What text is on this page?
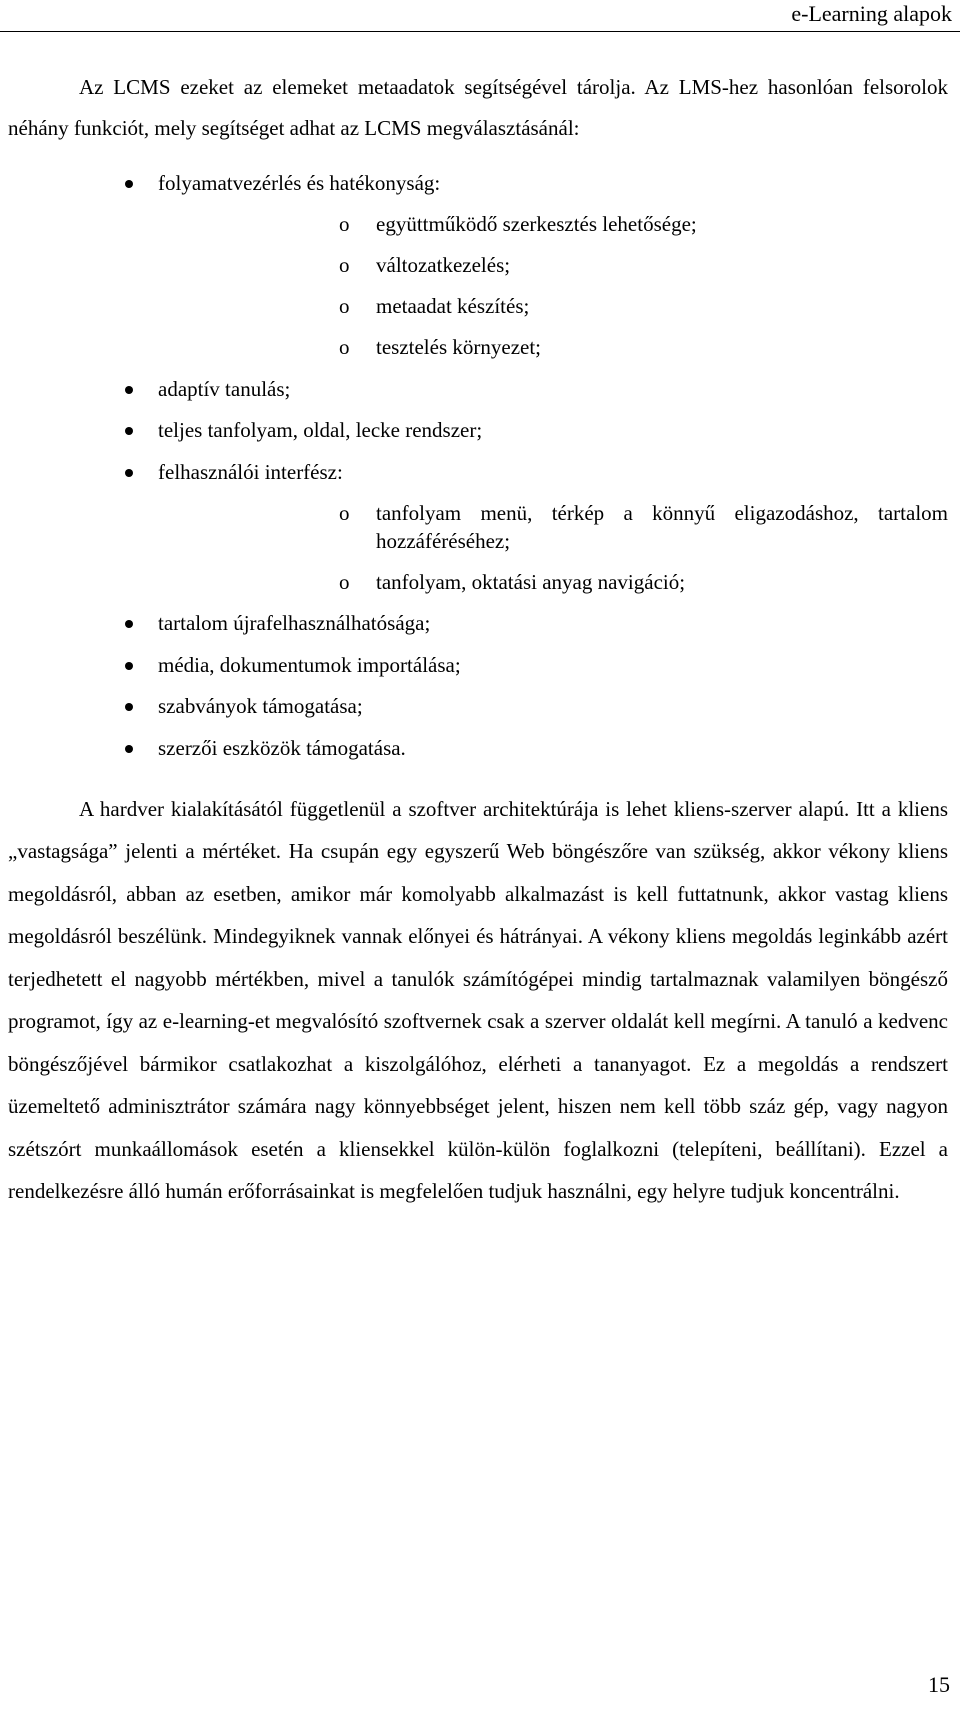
e-Learning alapok

Az LCMS ezeket az elemeket metaadatok segítségével tárolja. Az LMS-hez hasonlóan felsorolok néhány funkciót, mely segítséget adhat az LCMS megválasztásánál:

folyamatvezérlés és hatékonyság:
o együttműködő szerkesztés lehetősége;
o változatkezelés;
o metaadat készítés;
o tesztelés környezet;
adaptív tanulás;
teljes tanfolyam, oldal, lecke rendszer;
felhasználói interfész:
o tanfolyam menü, térkép a könnyű eligazodáshoz, tartalom hozzáféréséhez;
o tanfolyam, oktatási anyag navigáció;
tartalom újrafelhasználhatósága;
média, dokumentumok importálása;
szabványok támogatása;
szerzői eszközök támogatása.

A hardver kialakításától függetlenül a szoftver architektúrája is lehet kliens-szerver alapú. Itt a kliens „vastagsága” jelenti a mértéket. Ha csupán egy egyszerű Web böngészőre van szükség, akkor vékony kliens megoldásról, abban az esetben, amikor már komolyabb alkalmazást is kell futtatnunk, akkor vastag kliens megoldásról beszélünk. Mindegyiknek vannak előnyei és hátrányai. A vékony kliens megoldás leginkább azért terjedhetett el nagyobb mértékben, mivel a tanulók számítógépei mindig tartalmaznak valamilyen böngésző programot, így az e-learning-et megvalósító szoftvernek csak a szerver oldalát kell megírni. A tanuló a kedvenc böngészőjével bármikor csatlakozhat a kiszolgálóhoz, elérheti a tananyagot. Ez a megoldás a rendszert üzemeltető adminisztrátor számára nagy könnyebbséget jelent, hiszen nem kell több száz gép, vagy nagyon szétszórt munkaállomások esetén a kliensekkel külön-külön foglalkozni (telepíteni, beállítani). Ezzel a rendelkezésre álló humán erőforrásainkat is megfelelően tudjuk használni, egy helyre tudjuk koncentrálni.

15
